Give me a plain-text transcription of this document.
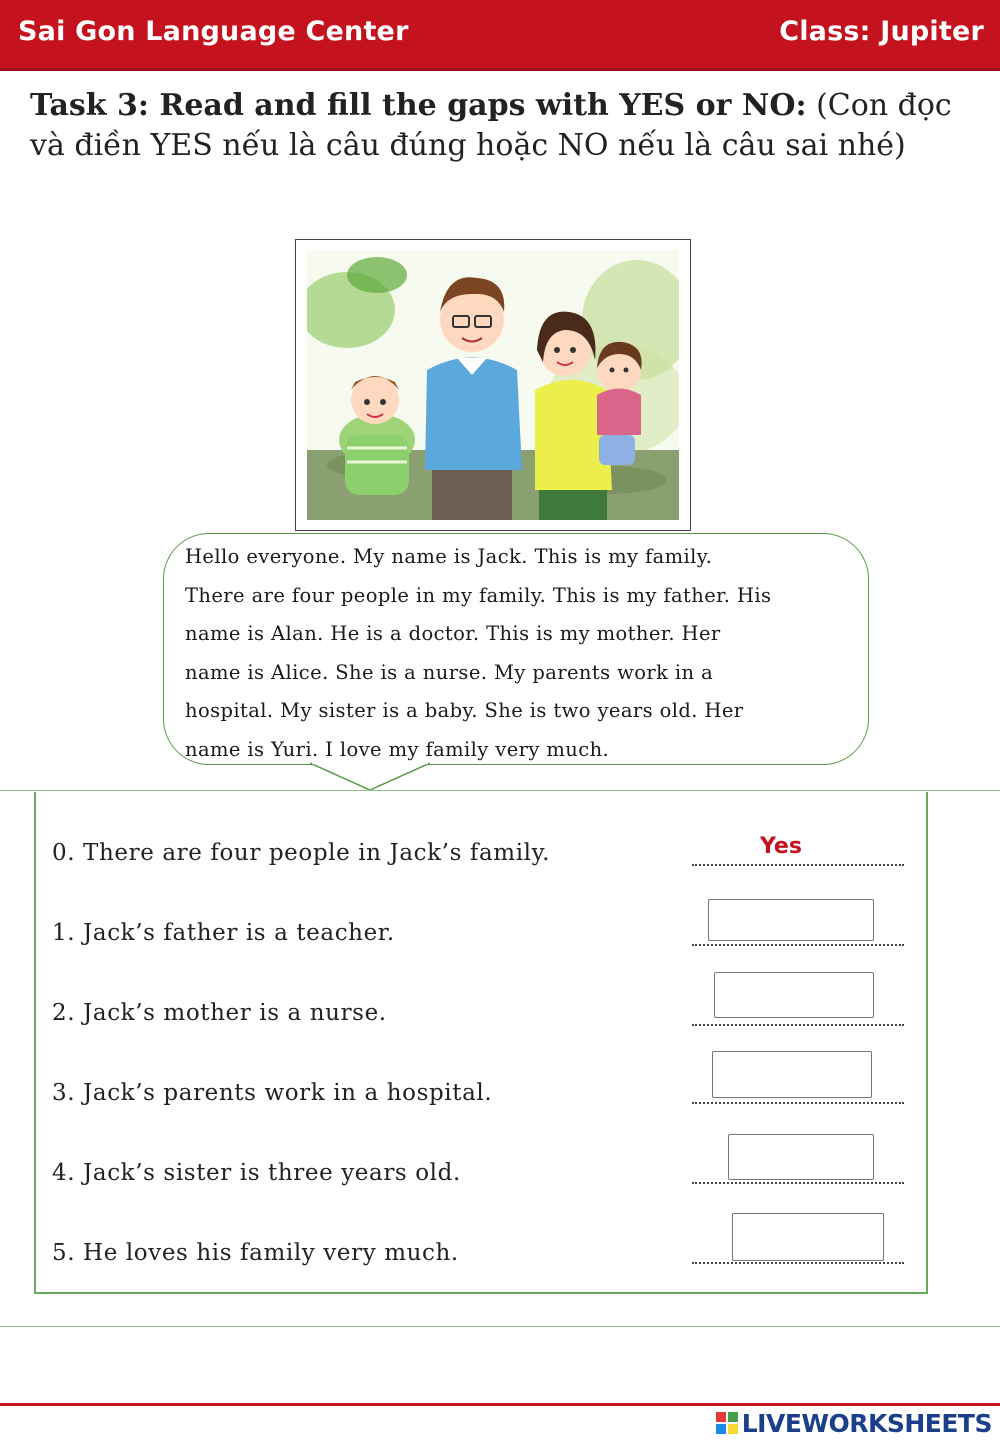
Sai Gon Language Center	Class: Jupiter
Task 3: Read and fill the gaps with YES or NO: (Con đọc và điền YES nếu là câu đúng hoặc NO nếu là câu sai nhé)
Hello everyone. My name is Jack. This is my family.
There are four people in my family. This is my father. His
name is Alan. He is a doctor. This is my mother. Her
name is Alice. She is a nurse. My parents work in a
hospital. My sister is a baby. She is two years old. Her
name is Yuri. I love my family very much.
0. There are four people in Jack’s family.	Yes
1. Jack’s father is a teacher.
2. Jack’s mother is a nurse.
3. Jack’s parents work in a hospital.
4. Jack’s sister is three years old.
5. He loves his family very much.
LIVEWORKSHEETS
